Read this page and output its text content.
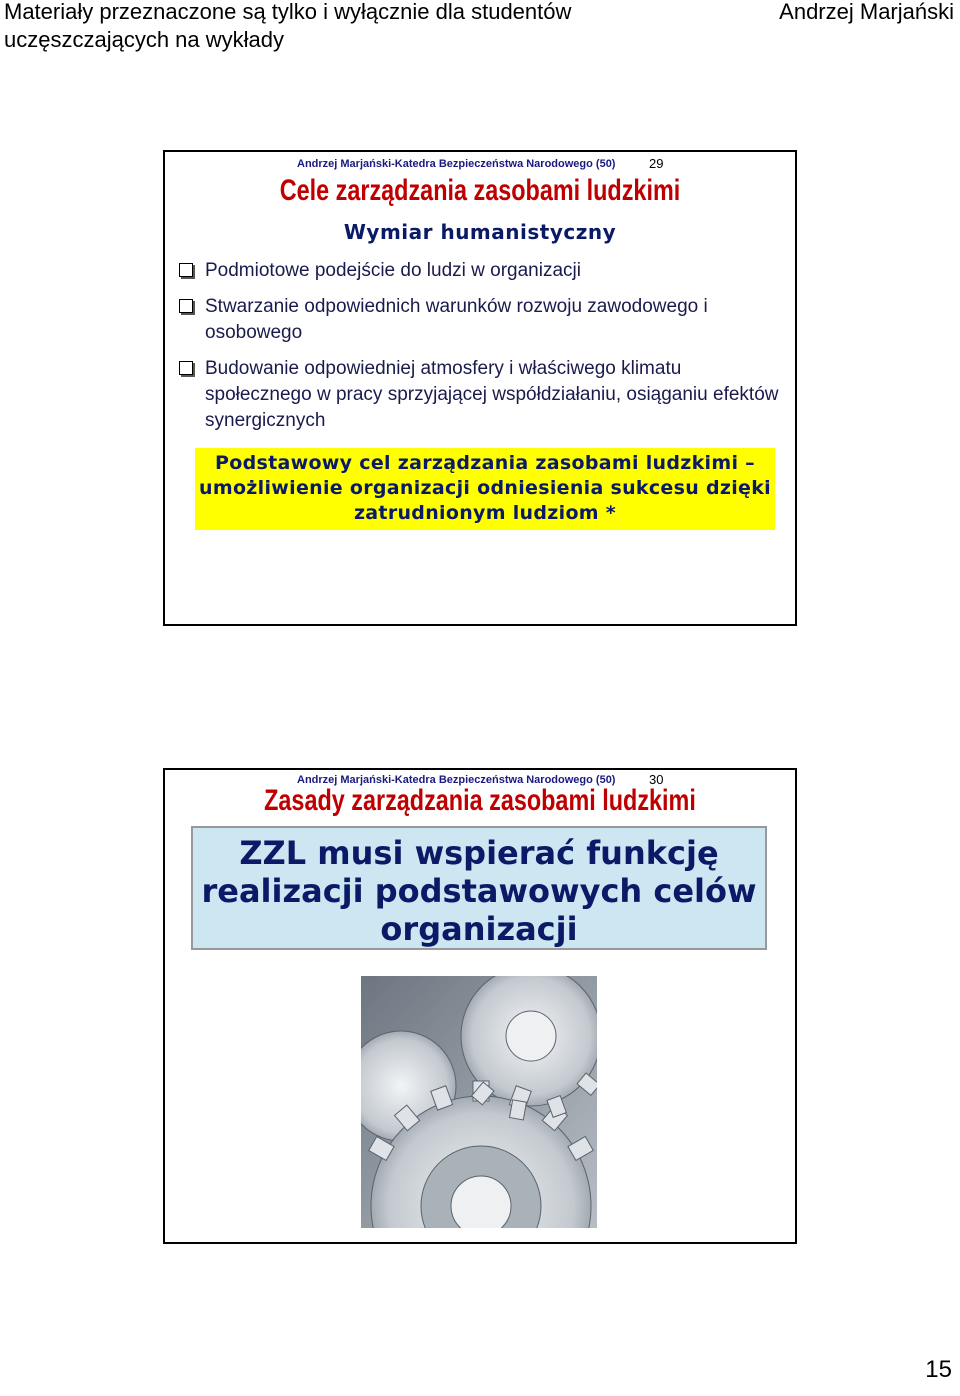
Materiały przeznaczone są tylko i wyłącznie dla studentów
uczęszczających na wykłady
Andrzej Marjański
Andrzej Marjański-Katedra Bezpieczeństwa Narodowego (50)	29
Cele zarządzania zasobami ludzkimi
Wymiar humanistyczny
Podmiotowe podejście do ludzi w organizacji
Stwarzanie odpowiednich warunków rozwoju zawodowego i osobowego
Budowanie odpowiedniej atmosfery i właściwego klimatu społecznego w pracy sprzyjającej współdziałaniu, osiąganiu efektów synergicznych
Podstawowy cel zarządzania zasobami ludzkimi – umożliwienie organizacji odniesienia sukcesu dzięki zatrudnionym ludziom *
Andrzej Marjański-Katedra Bezpieczeństwa Narodowego (50)	30
Zasady zarządzania zasobami ludzkimi
ZZL musi wspierać funkcję realizacji podstawowych celów organizacji
15
